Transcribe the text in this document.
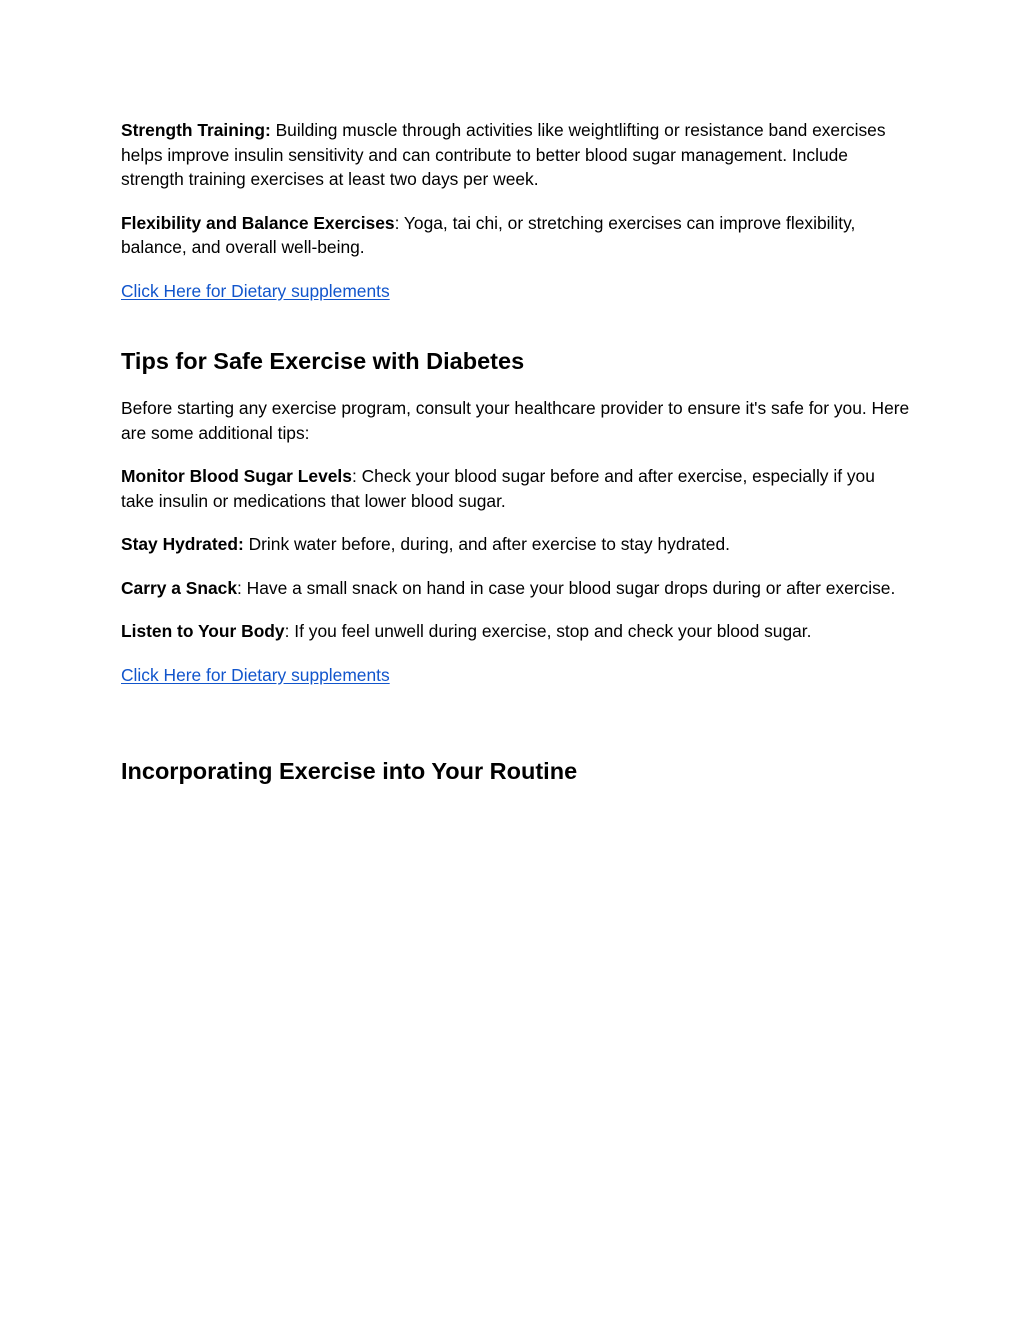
Strength Training: Building muscle through activities like weightlifting or resistance band exercises helps improve insulin sensitivity and can contribute to better blood sugar management. Include strength training exercises at least two days per week.

Flexibility and Balance Exercises: Yoga, tai chi, or stretching exercises can improve flexibility, balance, and overall well-being.

Click Here for Dietary supplements
Tips for Safe Exercise with Diabetes

Before starting any exercise program, consult your healthcare provider to ensure it's safe for you. Here are some additional tips:

Monitor Blood Sugar Levels: Check your blood sugar before and after exercise, especially if you take insulin or medications that lower blood sugar.

Stay Hydrated: Drink water before, during, and after exercise to stay hydrated.

Carry a Snack: Have a small snack on hand in case your blood sugar drops during or after exercise.

Listen to Your Body: If you feel unwell during exercise, stop and check your blood sugar.

Click Here for Dietary supplements
Incorporating Exercise into Your Routine
